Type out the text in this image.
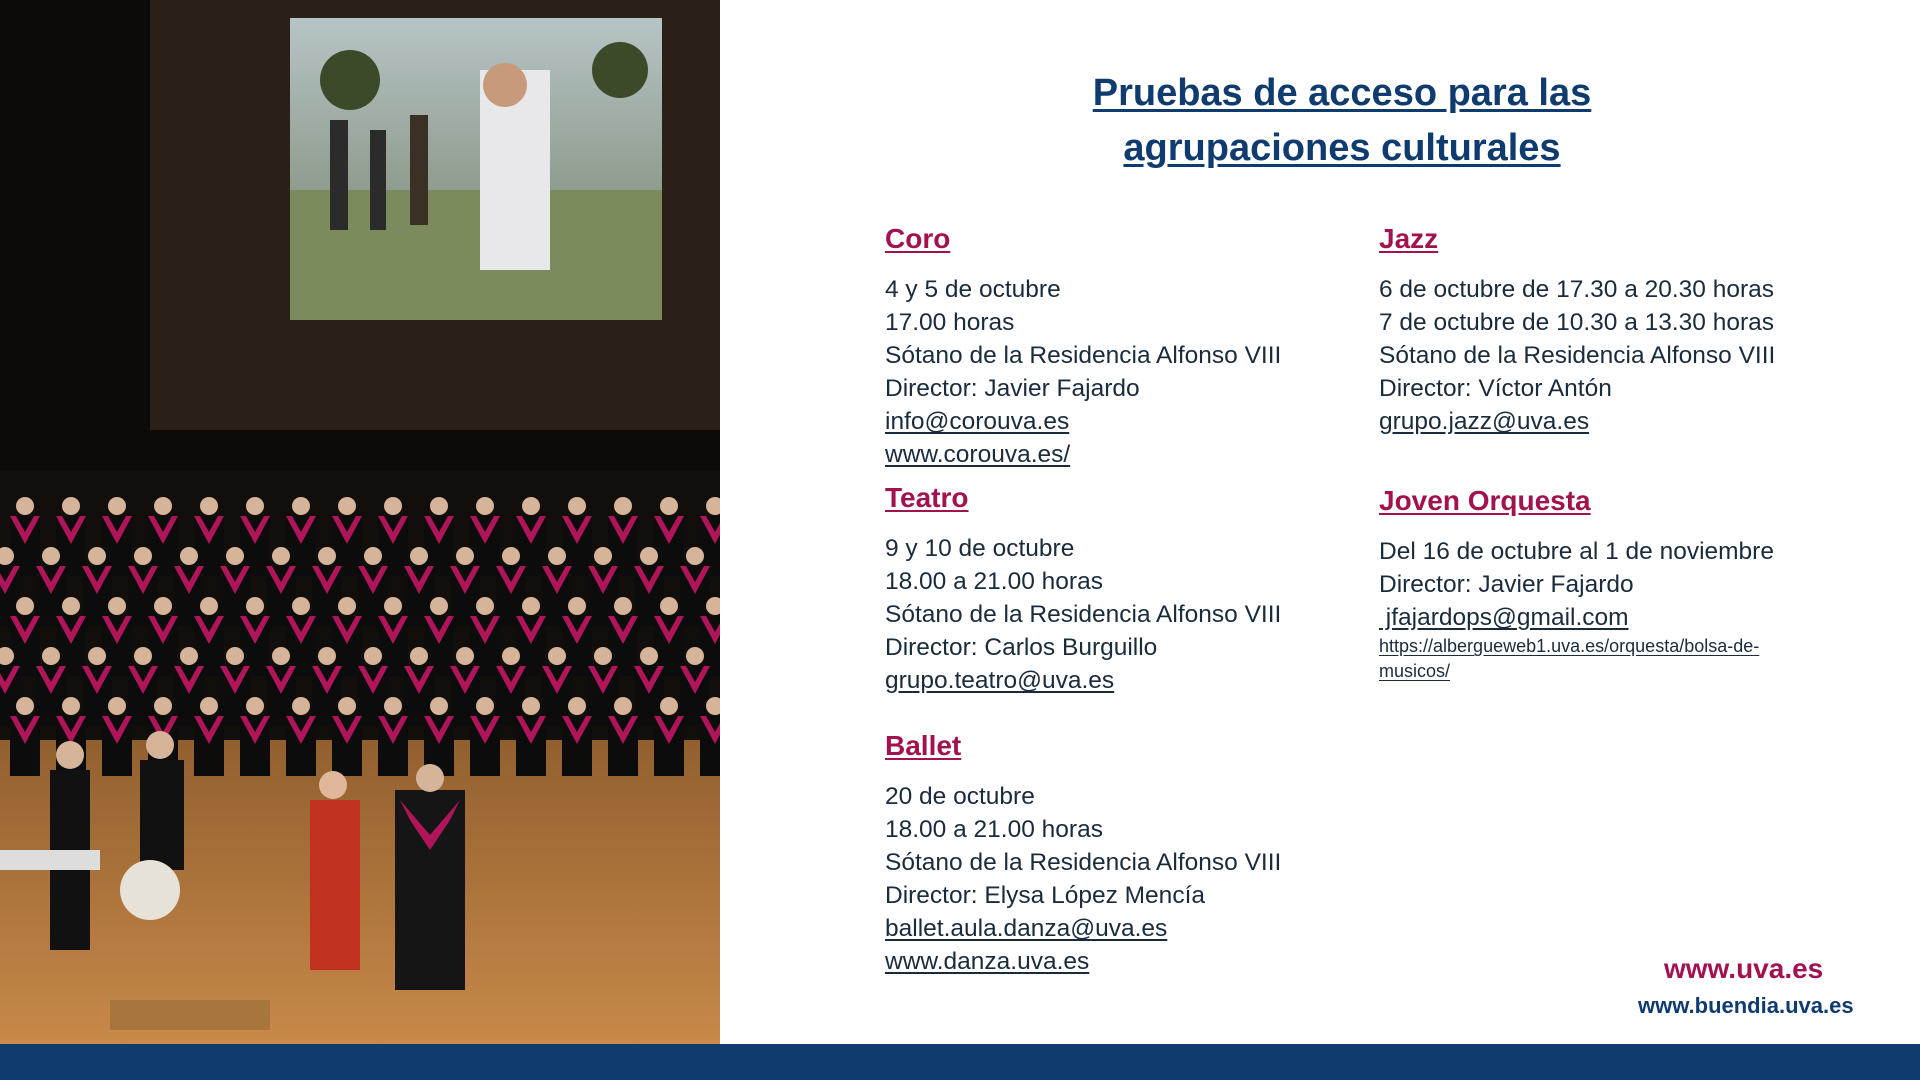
Pruebas de acceso para las
agrupaciones culturales
Coro
4 y 5 de octubre
17.00 horas
Sótano de la Residencia Alfonso VIII
Director: Javier Fajardo
info@corouva.es
www.corouva.es/
Teatro
9 y 10 de octubre
18.00 a 21.00 horas
Sótano de la Residencia Alfonso VIII
Director: Carlos Burguillo
grupo.teatro@uva.es
Ballet
20 de octubre
18.00 a 21.00 horas
Sótano de la Residencia Alfonso VIII
Director: Elysa López Mencía
ballet.aula.danza@uva.es
www.danza.uva.es
Jazz
6 de octubre de 17.30 a 20.30 horas
7 de octubre de 10.30 a 13.30 horas
Sótano de la Residencia Alfonso VIII
Director: Víctor Antón
grupo.jazz@uva.es
Joven Orquesta
Del 16 de octubre al 1 de noviembre
Director: Javier Fajardo
jfajardops@gmail.com
https://albergueweb1.uva.es/orquesta/bolsa-de-musicos/
www.uva.es
www.buendia.uva.es
